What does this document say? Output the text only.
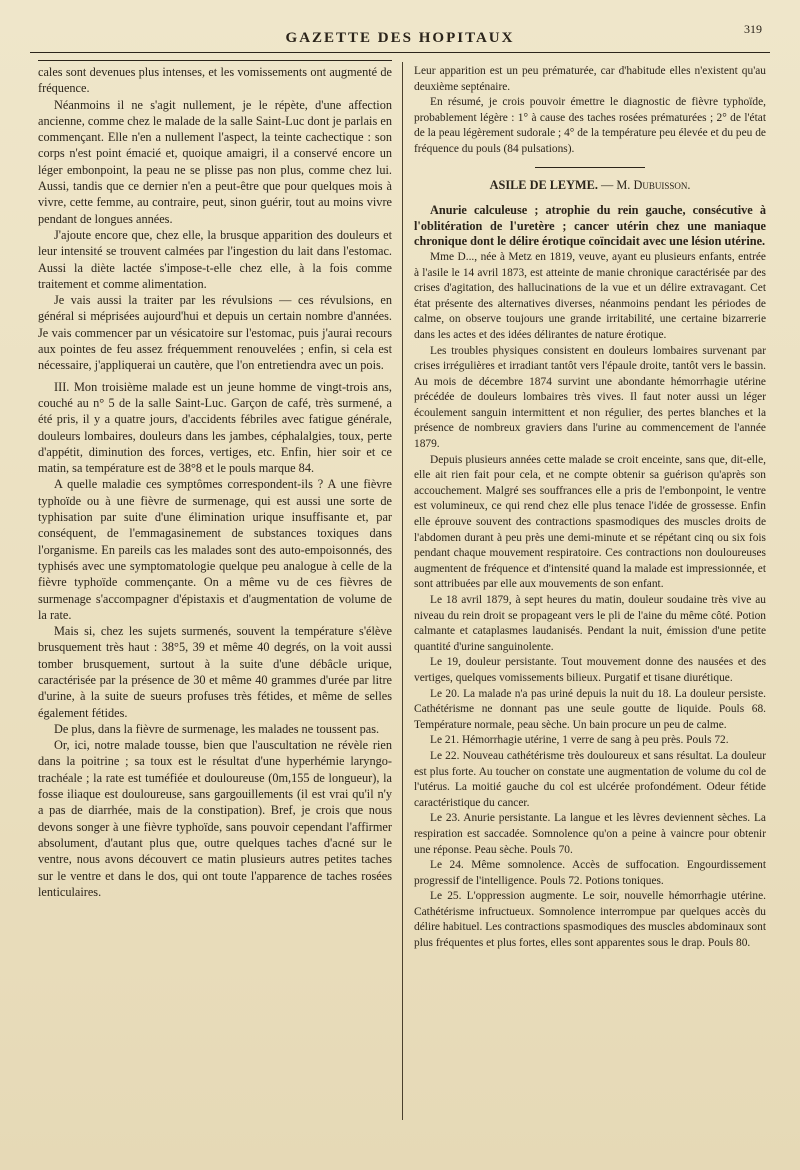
GAZETTE DES HOPITAUX
319

cales sont devenues plus intenses, et les vomissements ont augmenté de fréquence.

Néanmoins il ne s'agit nullement, je le répète, d'une affection ancienne, comme chez le malade de la salle Saint-Luc dont je parlais en commençant. Elle n'en a nullement l'aspect, la teinte cachectique : son corps n'est point émacié et, quoique amaigri, il a conservé encore un léger embonpoint, la peau ne se plisse pas non plus, comme chez lui. Aussi, tandis que ce dernier n'en a peut-être que pour quelques mois à vivre, cette femme, au contraire, peut, sinon guérir, tout au moins vivre pendant de longues années.

J'ajoute encore que, chez elle, la brusque apparition des douleurs et leur intensité se trouvent calmées par l'ingestion du lait dans l'estomac. Aussi la diète lactée s'impose-t-elle chez elle, à la fois comme traitement et comme alimentation.

Je vais aussi la traiter par les révulsions — ces révulsions, en général si méprisées aujourd'hui et depuis un certain nombre d'années. Je vais commencer par un vésicatoire sur l'estomac, puis j'aurai recours aux pointes de feu assez fréquemment renouvelées ; enfin, si cela est nécessaire, j'appliquerai un cautère, que l'on entretiendra avec un pois.

III. Mon troisième malade est un jeune homme de vingt-trois ans, couché au n° 5 de la salle Saint-Luc. Garçon de café, très surmené, a été pris, il y a quatre jours, d'accidents fébriles avec fatigue générale, douleurs lombaires, douleurs dans les jambes, céphalalgies, toux, perte d'appétit, diminution des forces, vertiges, etc. Enfin, hier soir et ce matin, sa température est de 38°8 et le pouls marque 84.

A quelle maladie ces symptômes correspondent-ils ? A une fièvre typhoïde ou à une fièvre de surmenage, qui est aussi une sorte de typhisation par suite d'une élimination urique insuffisante et, par conséquent, de l'emmagasinement de substances toxiques dans l'organisme. En pareils cas les malades sont des auto-empoisonnés, des typhisés avec une symptomatologie quelque peu analogue à celle de la fièvre typhoïde commençante. On a même vu de ces fièvres de surmenage s'accompagner d'épistaxis et d'augmentation de volume de la rate.

Mais si, chez les sujets surmenés, souvent la température s'élève brusquement très haut : 38°5, 39 et même 40 degrés, on la voit aussi tomber brusquement, surtout à la suite d'une débâcle urique, caractérisée par la présence de 30 et même 40 grammes d'urée par litre d'urine, à la suite de sueurs profuses très fétides, et même de selles également fétides.

De plus, dans la fièvre de surmenage, les malades ne toussent pas.

Or, ici, notre malade tousse, bien que l'auscultation ne révèle rien dans la poitrine ; sa toux est le résultat d'une hyperhémie laryngo-trachéale ; la rate est tuméfiée et douloureuse (0m,155 de longueur), la fosse iliaque est douloureuse, sans gargouillements (il est vrai qu'il n'y a pas de diarrhée, mais de la constipation). Bref, je crois que nous devons songer à une fièvre typhoïde, sans pouvoir cependant l'affirmer absolument, d'autant plus que, outre quelques taches d'acné sur le ventre, nous avons découvert ce matin plusieurs autres petites taches sur le ventre et dans le dos, qui ont toute l'apparence de taches rosées lenticulaires.

Leur apparition est un peu prématurée, car d'habitude elles n'existent qu'au deuxième septénaire.

En résumé, je crois pouvoir émettre le diagnostic de fièvre typhoïde, probablement légère : 1° à cause des taches rosées prématurées ; 2° de l'état de la peau légèrement sudorale ; 4° de la température peu élevée et du peu de fréquence du pouls (84 pulsations).

ASILE DE LEYME. — M. Dubuisson.

Anurie calculeuse ; atrophie du rein gauche, consécutive à l'oblitération de l'uretère ; cancer utérin chez une maniaque chronique dont le délire érotique coïncidait avec une lésion utérine.

Mme D..., née à Metz en 1819, veuve, ayant eu plusieurs enfants, entrée à l'asile le 14 avril 1873, est atteinte de manie chronique caractérisée par des crises d'agitation, des hallucinations de la vue et un délire extravagant. Cet état présente des alternatives diverses, néanmoins pendant les périodes de calme, on observe toujours une grande irritabilité, une certaine bizarrerie dans les actes et des idées délirantes de nature érotique.

Les troubles physiques consistent en douleurs lombaires survenant par crises irrégulières et irradiant tantôt vers l'épaule droite, tantôt vers le bassin. Au mois de décembre 1874 survint une abondante hémorrhagie utérine précédée de douleurs lombaires très vives. Il faut noter aussi un léger écoulement sanguin intermittent et non régulier, des pertes blanches et la présence de nombreux graviers dans l'urine au commencement de l'année 1879.

Depuis plusieurs années cette malade se croit enceinte, sans que, dit-elle, elle ait rien fait pour cela, et ne compte obtenir sa guérison qu'après son accouchement. Malgré ses souffrances elle a pris de l'embonpoint, le ventre est volumineux, ce qui rend chez elle plus tenace l'idée de grossesse. Enfin elle éprouve souvent des contractions spasmodiques des muscles droits de l'abdomen durant à peu près une demi-minute et se répétant cinq ou six fois pendant chaque mouvement respiratoire. Ces contractions non douloureuses augmentent de fréquence et d'intensité quand la malade est impressionnée, et sont attribuées par elle aux mouvements de son enfant.

Le 18 avril 1879, à sept heures du matin, douleur soudaine très vive au niveau du rein droit se propageant vers le pli de l'aine du même côté. Potion calmante et cataplasmes laudanisés. Pendant la nuit, émission d'une petite quantité d'urine sanguinolente.

Le 19, douleur persistante. Tout mouvement donne des nausées et des vertiges, quelques vomissements bilieux. Purgatif et tisane diurétique.

Le 20. La malade n'a pas uriné depuis la nuit du 18. La douleur persiste. Cathétérisme ne donnant pas une seule goutte de liquide. Pouls 68. Température normale, peau sèche. Un bain procure un peu de calme.

Le 21. Hémorrhagie utérine, 1 verre de sang à peu près. Pouls 72.

Le 22. Nouveau cathétérisme très douloureux et sans résultat. La douleur est plus forte. Au toucher on constate une augmentation de volume du col de l'utérus. La moitié gauche du col est ulcérée profondément. Odeur fétide caractéristique du cancer.

Le 23. Anurie persistante. La langue et les lèvres deviennent sèches. La respiration est saccadée. Somnolence qu'on a peine à vaincre pour obtenir une réponse. Peau sèche. Pouls 70.

Le 24. Même somnolence. Accès de suffocation. Engourdissement progressif de l'intelligence. Pouls 72. Potions toniques.

Le 25. L'oppression augmente. Le soir, nouvelle hémorrhagie utérine. Cathétérisme infructueux. Somnolence interrompue par quelques accès du délire habituel. Les contractions spasmodiques des muscles abdominaux sont plus fréquentes et plus fortes, elles sont apparentes sous le drap. Pouls 80.
